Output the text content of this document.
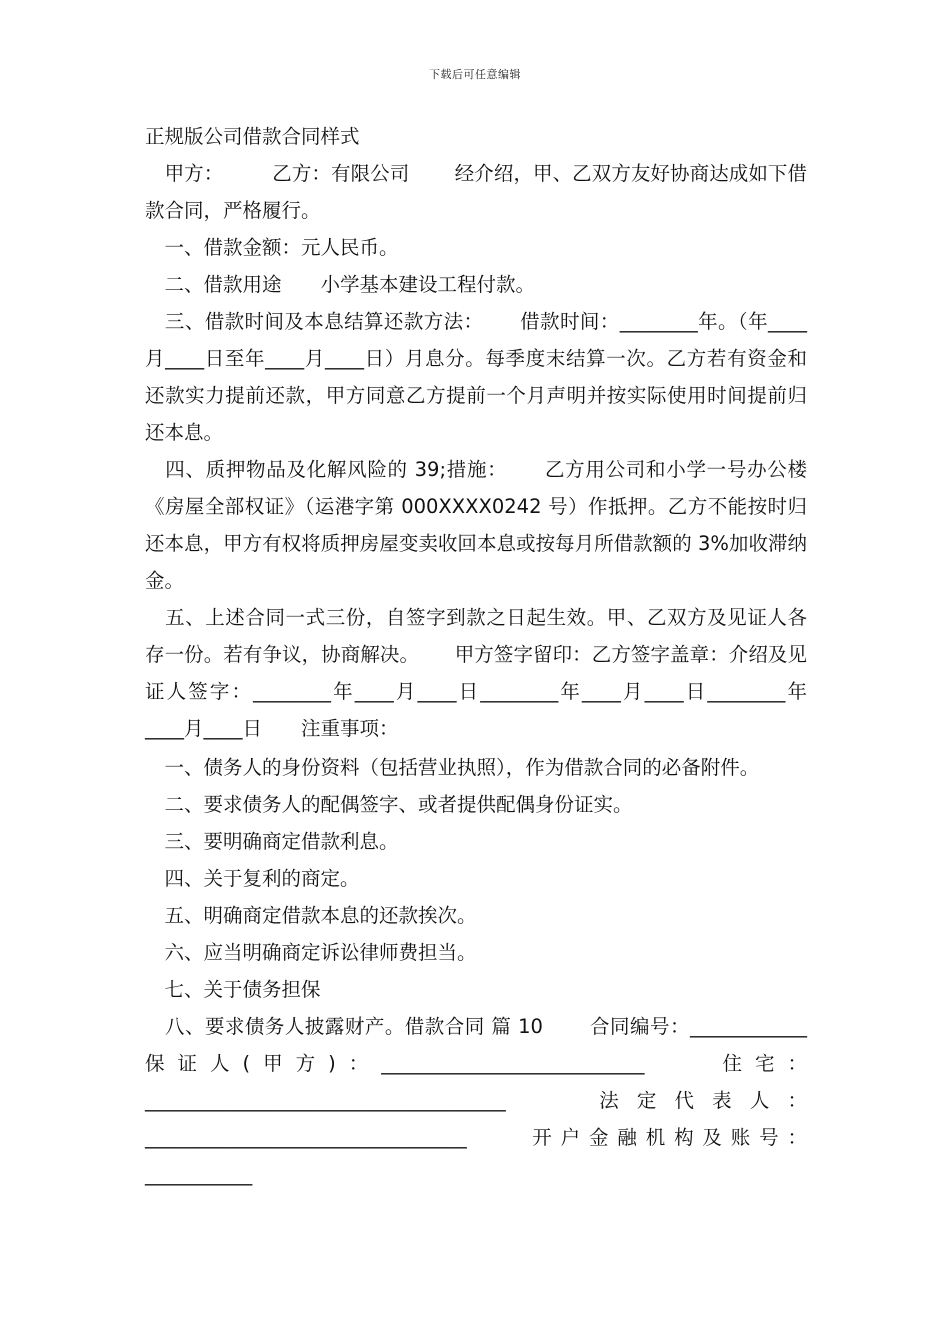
下载后可任意编辑
正规版公司借款合同样式

　甲方：　　　乙方：有限公司　　 经介绍，甲、乙双方友好协商达成如下借款合同，严格履行。

　一、借款金额：元人民币。

　二、借款用途　　小学基本建设工程付款。

　三、借款时间及本息结算还款方法：　　 借款时间：________年。（年____月____日至年____月____日）月息分。每季度末结算一次。乙方若有资金和还款实力提前还款，甲方同意乙方提前一个月声明并按实际使用时间提前归还本息。

　四、质押物品及化解风险的 39;措施：　　 乙方用公司和小学一号办公楼《房屋全部权证》（运港字第 000XXXX0242 号）作抵押。乙方不能按时归还本息，甲方有权将质押房屋变卖收回本息或按每月所借款额的 3%加收滞纳金。

　五、上述合同一式三份，自签字到款之日起生效。甲、乙双方及见证人各存一份。若有争议，协商解决。　　 甲方签字留印：乙方签字盖章：介绍及见证人签字：________年____月____日________年____月____日________年____月____日　　注重事项：

　一、债务人的身份资料（包括营业执照），作为借款合同的必备附件。

　二、要求债务人的配偶签字、或者提供配偶身份证实。

　三、要明确商定借款利息。

　四、关于复利的商定。

　五、明确商定借款本息的还款挨次。

　六、应当明确商定诉讼律师费担当。

　七、关于债务担保

　八、要求债务人披露财产。借款合同 篇 10　　 合同编号：____________　　保证人(甲方)：___________________________　　住宅：_____________________________________　　法定代表人：_________________________________　　开户金融机构及账号：___________
